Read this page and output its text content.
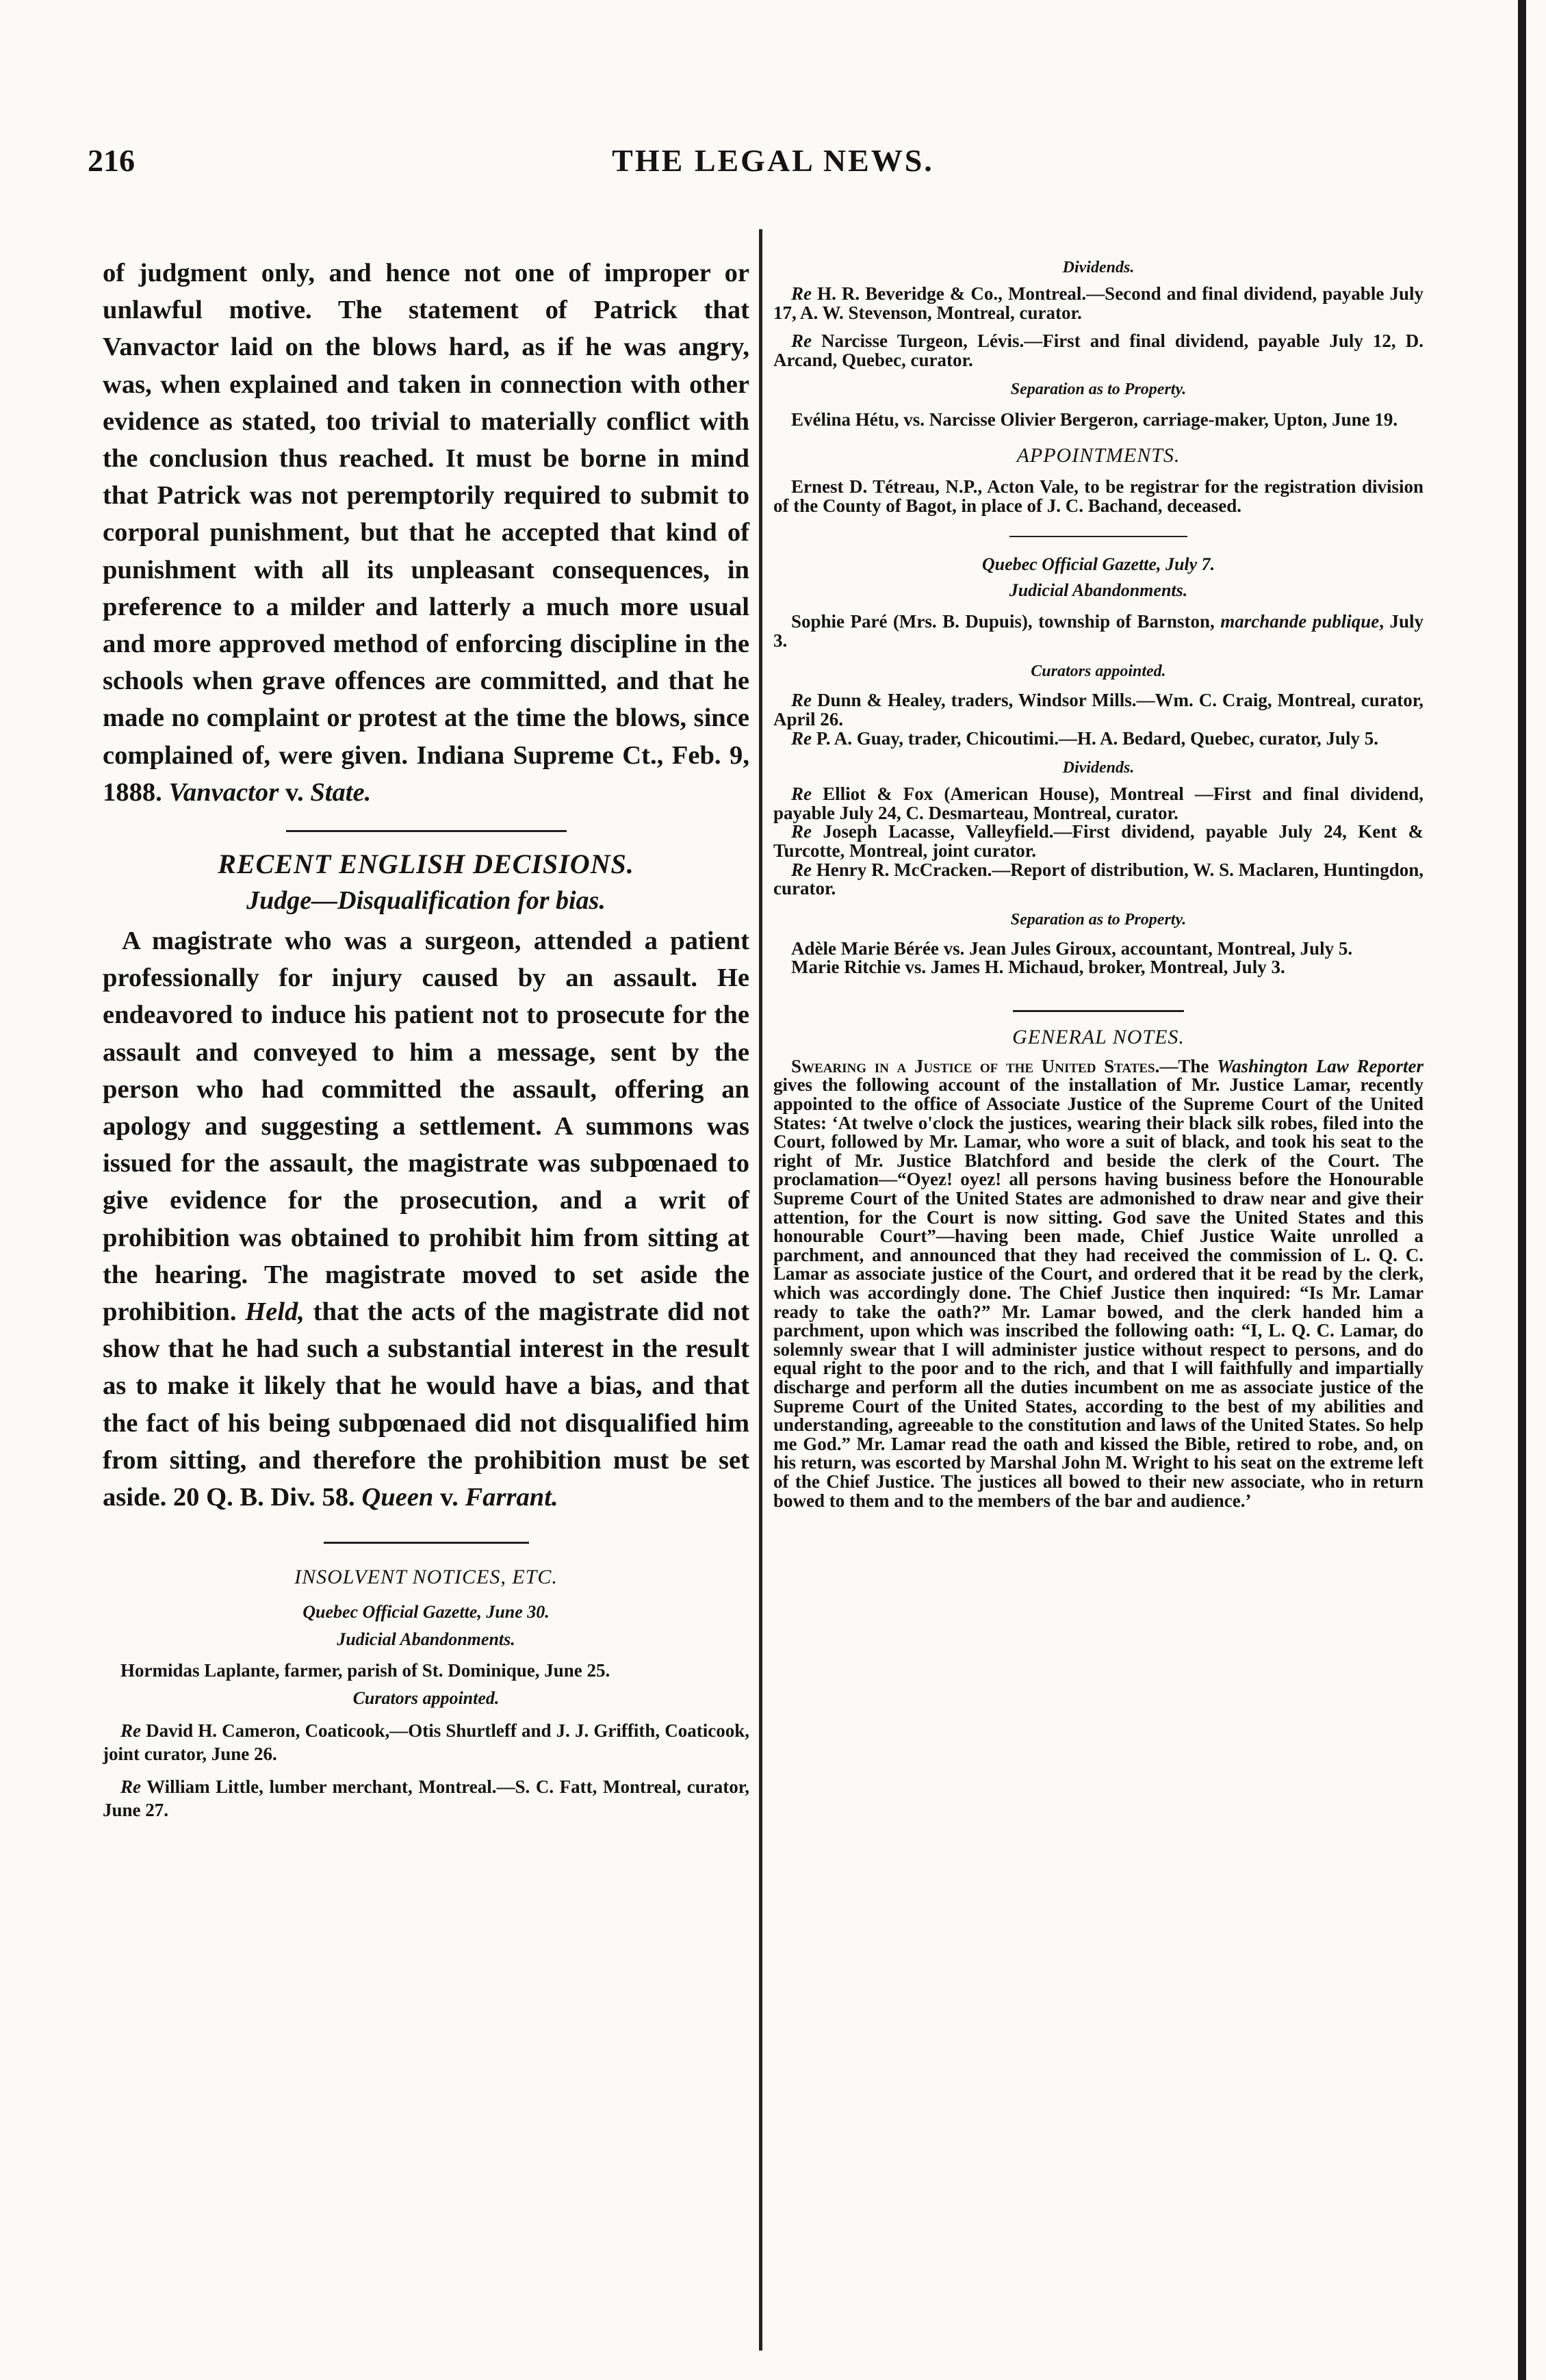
216	THE LEGAL NEWS.

of judgment only, and hence not one of improper or unlawful motive. The statement of Patrick that Vanvactor laid on the blows hard, as if he was angry, was, when explained and taken in connection with other evidence as stated, too trivial to materially conflict with the conclusion thus reached. It must be borne in mind that Patrick was not peremptorily required to submit to corporal punishment, but that he accepted that kind of punishment with all its unpleasant consequences, in preference to a milder and latterly a much more usual and more approved method of enforcing discipline in the schools when grave offences are committed, and that he made no complaint or protest at the time the blows, since complained of, were given. Indiana Supreme Ct., Feb. 9, 1888. Vanvactor v. State.

RECENT ENGLISH DECISIONS.

Judge—Disqualification for bias.

A magistrate who was a surgeon, attended a patient professionally for injury caused by an assault. He endeavored to induce his patient not to prosecute for the assault and conveyed to him a message, sent by the person who had committed the assault, offering an apology and suggesting a settlement. A summons was issued for the assault, the magistrate was subpœnaed to give evidence for the prosecution, and a writ of prohibition was obtained to prohibit him from sitting at the hearing. The magistrate moved to set aside the prohibition. Held, that the acts of the magistrate did not show that he had such a substantial interest in the result as to make it likely that he would have a bias, and that the fact of his being subpœnaed did not disqualified him from sitting, and therefore the prohibition must be set aside. 20 Q. B. Div. 58. Queen v. Farrant.

INSOLVENT NOTICES, ETC.

Quebec Official Gazette, June 30.

Judicial Abandonments.

Hormidas Laplante, farmer, parish of St. Dominique, June 25.

Curators appointed.

Re David H. Cameron, Coaticook,—Otis Shurtleff and J. J. Griffith, Coaticook, joint curator, June 26.

Re William Little, lumber merchant, Montreal.—S. C. Fatt, Montreal, curator, June 27.

Dividends.

Re H. R. Beveridge & Co., Montreal.—Second and final dividend, payable July 17, A. W. Stevenson, Montreal, curator.

Re Narcisse Turgeon, Lévis.—First and final dividend, payable July 12, D. Arcand, Quebec, curator.

Separation as to Property.

Evélina Hétu, vs. Narcisse Olivier Bergeron, carriage-maker, Upton, June 19.

APPOINTMENTS.

Ernest D. Tétreau, N.P., Acton Vale, to be registrar for the registration division of the County of Bagot, in place of J. C. Bachand, deceased.

Quebec Official Gazette, July 7.

Judicial Abandonments.

Sophie Paré (Mrs. B. Dupuis), township of Barnston, marchande publique, July 3.

Curators appointed.

Re Dunn & Healey, traders, Windsor Mills.—Wm. C. Craig, Montreal, curator, April 26.

Re P. A. Guay, trader, Chicoutimi.—H. A. Bedard, Quebec, curator, July 5.

Dividends.

Re Elliot & Fox (American House), Montreal —First and final dividend, payable July 24, C. Desmarteau, Montreal, curator.

Re Joseph Lacasse, Valleyfield.—First dividend, payable July 24, Kent & Turcotte, Montreal, joint curator.

Re Henry R. McCracken.—Report of distribution, W. S. Maclaren, Huntingdon, curator.

Separation as to Property.

Adèle Marie Bérée vs. Jean Jules Giroux, accountant, Montreal, July 5.

Marie Ritchie vs. James H. Michaud, broker, Montreal, July 3.

GENERAL NOTES.

Swearing in a Justice of the United States.—The Washington Law Reporter gives the following account of the installation of Mr. Justice Lamar, recently appointed to the office of Associate Justice of the Supreme Court of the United States: ‘At twelve o'clock the justices, wearing their black silk robes, filed into the Court, followed by Mr. Lamar, who wore a suit of black, and took his seat to the right of Mr. Justice Blatchford and beside the clerk of the Court. The proclamation—“Oyez! oyez! all persons having business before the Honourable Supreme Court of the United States are admonished to draw near and give their attention, for the Court is now sitting. God save the United States and this honourable Court”—having been made, Chief Justice Waite unrolled a parchment, and announced that they had received the commission of L. Q. C. Lamar as associate justice of the Court, and ordered that it be read by the clerk, which was accordingly done. The Chief Justice then inquired: “Is Mr. Lamar ready to take the oath?” Mr. Lamar bowed, and the clerk handed him a parchment, upon which was inscribed the following oath: “I, L. Q. C. Lamar, do solemnly swear that I will administer justice without respect to persons, and do equal right to the poor and to the rich, and that I will faithfully and impartially discharge and perform all the duties incumbent on me as associate justice of the Supreme Court of the United States, according to the best of my abilities and understanding, agreeable to the constitution and laws of the United States. So help me God.” Mr. Lamar read the oath and kissed the Bible, retired to robe, and, on his return, was escorted by Marshal John M. Wright to his seat on the extreme left of the Chief Justice. The justices all bowed to their new associate, who in return bowed to them and to the members of the bar and audience.’
